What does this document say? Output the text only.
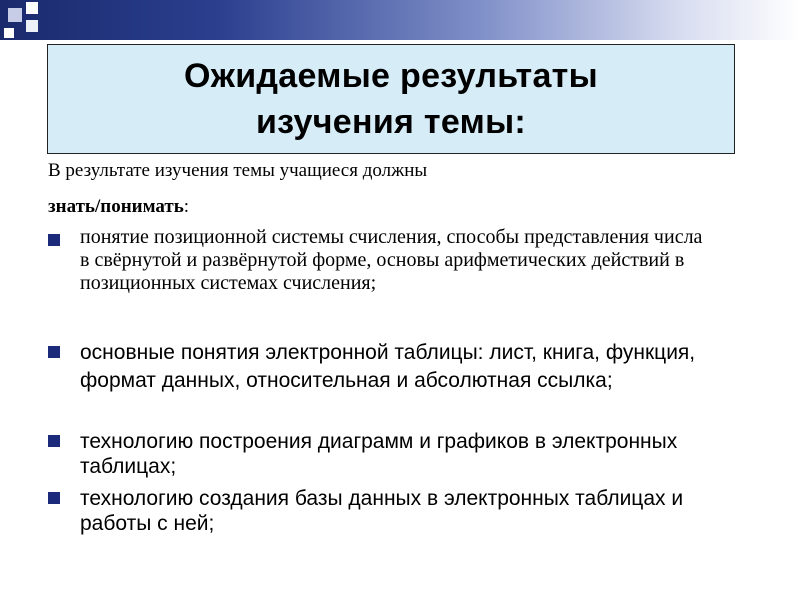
Ожидаемые результаты
изучения темы:
В результате изучения темы учащиеся должны
знать/понимать:
понятие позиционной системы счисления, способы представления числа в свёрнутой и развёрнутой форме, основы арифметических действий в позиционных системах счисления;
основные понятия электронной таблицы: лист, книга, функция, формат данных, относительная и абсолютная ссылка;
технологию построения диаграмм и графиков в электронных таблицах;
технологию создания базы данных в электронных таблицах и работы с ней;
